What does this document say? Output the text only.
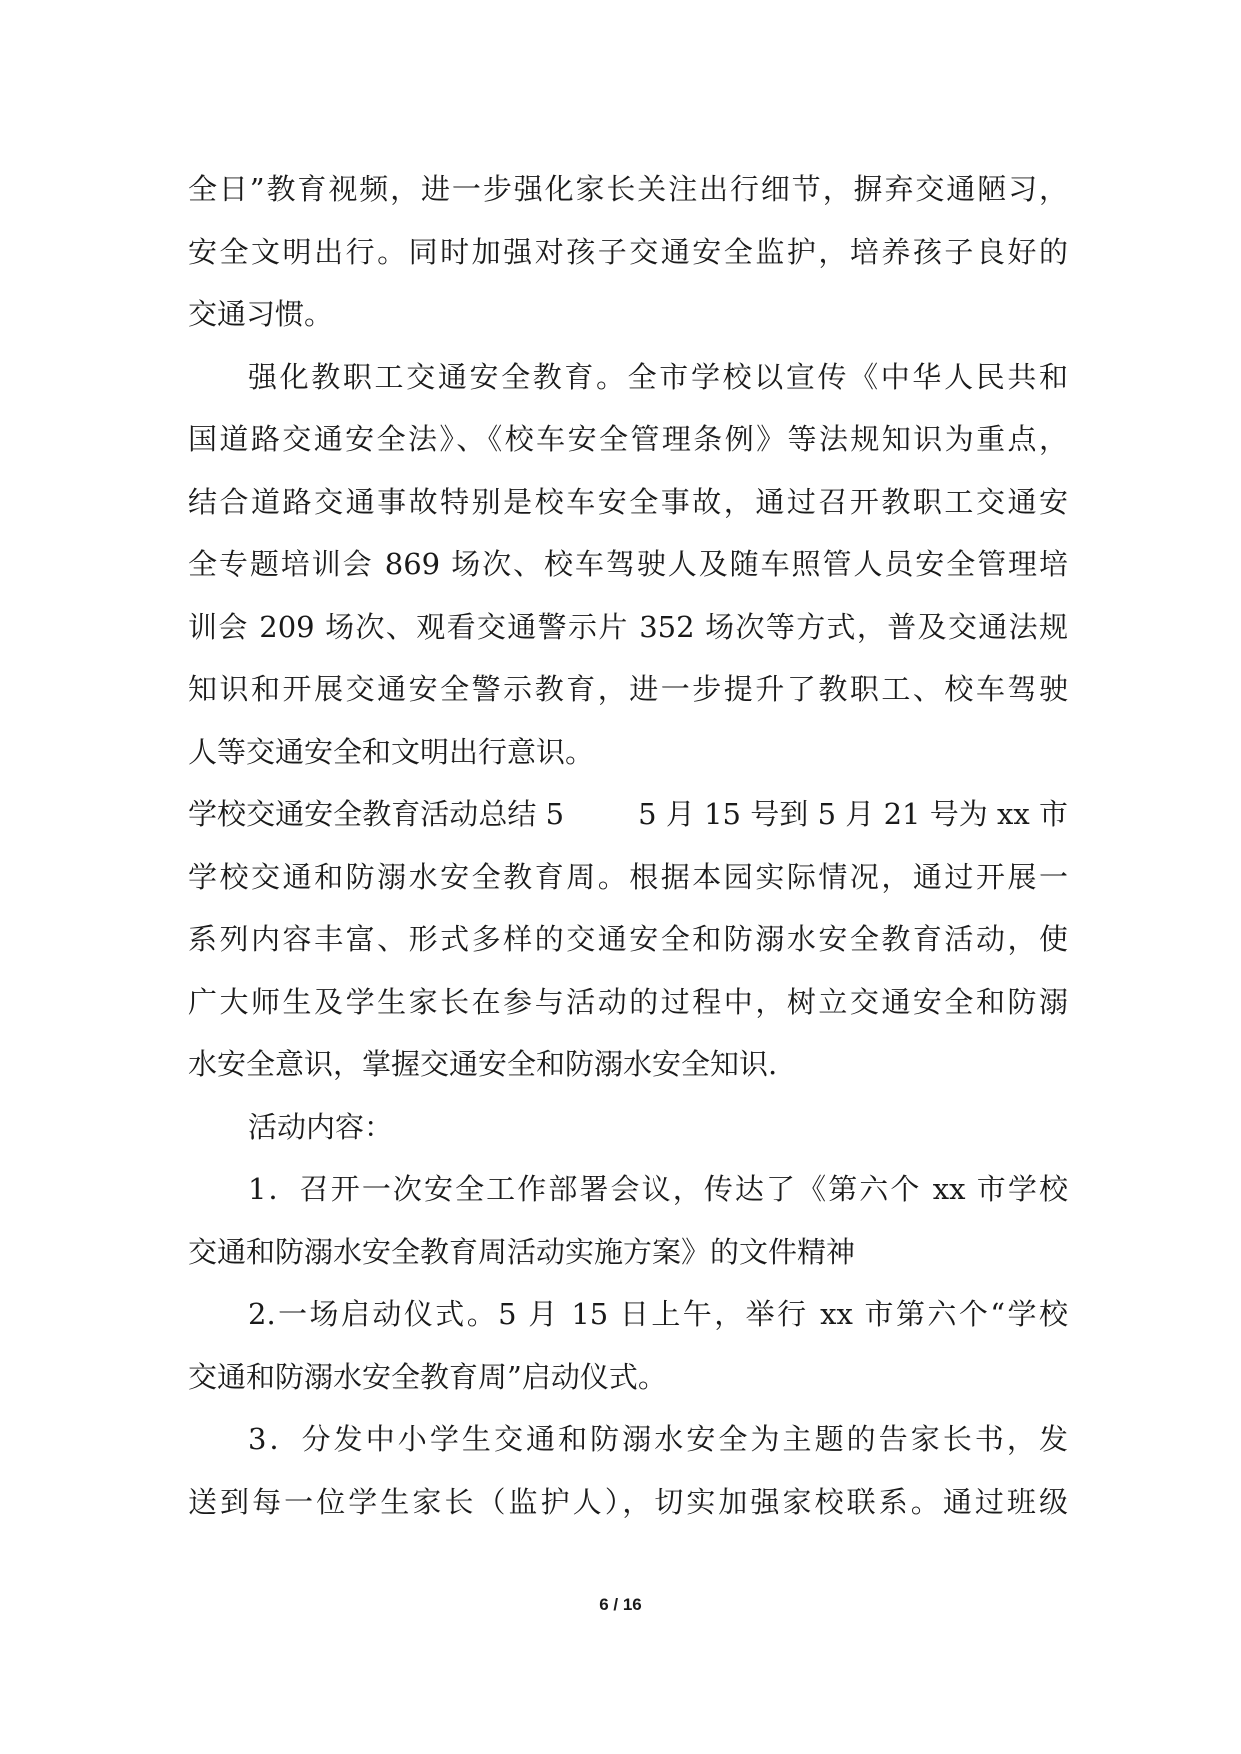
全日”教育视频，进一步强化家长关注出行细节，摒弃交通陋习，
安全文明出行。同时加强对孩子交通安全监护，培养孩子良好的
交通习惯。
强化教职工交通安全教育。全市学校以宣传《中华人民共和
国道路交通安全法》、《校车安全管理条例》等法规知识为重点，
结合道路交通事故特别是校车安全事故，通过召开教职工交通安
全专题培训会 869 场次、校车驾驶人及随车照管人员安全管理培
训会 209 场次、观看交通警示片 352 场次等方式，普及交通法规
知识和开展交通安全警示教育，进一步提升了教职工、校车驾驶
人等交通安全和文明出行意识。
学校交通安全教育活动总结 5        5 月 15 号到 5 月 21 号为 xx 市
学校交通和防溺水安全教育周。根据本园实际情况，通过开展一
系列内容丰富、形式多样的交通安全和防溺水安全教育活动，使
广大师生及学生家长在参与活动的过程中，树立交通安全和防溺
水安全意识，掌握交通安全和防溺水安全知识.
活动内容：
1．召开一次安全工作部署会议，传达了《第六个 xx 市学校
交通和防溺水安全教育周活动实施方案》的文件精神
2.一场启动仪式。5 月 15 日上午，举行 xx 市第六个“学校
交通和防溺水安全教育周”启动仪式。
3．分发中小学生交通和防溺水安全为主题的告家长书，发
送到每一位学生家长（监护人），切实加强家校联系。通过班级
6 / 16
